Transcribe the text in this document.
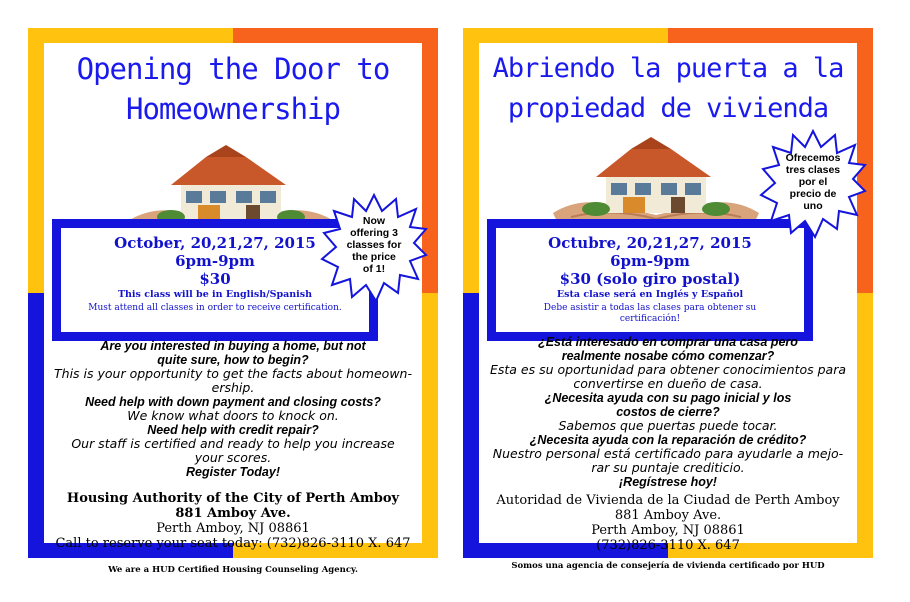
Opening the Door to
Homeownership
October, 20,21,27, 2015
6pm-9pm
$30
This class will be in English/Spanish
Must attend all classes in order to receive certification.
Now
offering 3
classes for
the price
of 1!
Are you interested in buying a home, but not
quite sure, how to begin?
This is your opportunity to get the facts about homeown-
ership.
Need help with down payment and closing costs?
We know what doors to knock on.
Need help with credit repair?
Our staff is certified and ready to help you increase
your scores.
Register Today!
Housing Authority of the City of Perth Amboy
881 Amboy Ave.
Perth Amboy, NJ 08861
Call to reserve your seat today: (732)826-3110 X. 647
We are a HUD Certified Housing Counseling Agency.
Abriendo la puerta a la
propiedad de vivienda
Octubre, 20,21,27, 2015
6pm-9pm
$30 (solo giro postal)
Esta clase será en Inglés y Español
Debe asistir a todas las clases para obtener su
certificación!
Ofrecemos
tres clases
por el
precio de
uno
¿Está interesado en comprar una casa pero
realmente nosabe cómo comenzar?
Esta es su oportunidad para obtener conocimientos para
convertirse en dueño de casa.
¿Necesita ayuda con su pago inicial y los
costos de cierre?
Sabemos que puertas puede tocar.
¿Necesita ayuda con la reparación de crédito?
Nuestro personal está certificado para ayudarle a mejo-
rar su puntaje crediticio.
¡Regístrese hoy!
Autoridad de Vivienda de la Ciudad de Perth Amboy
881 Amboy Ave.
Perth Amboy, NJ 08861
(732)826-3110 X. 647
Somos una agencia de consejería de vivienda certificado por HUD
